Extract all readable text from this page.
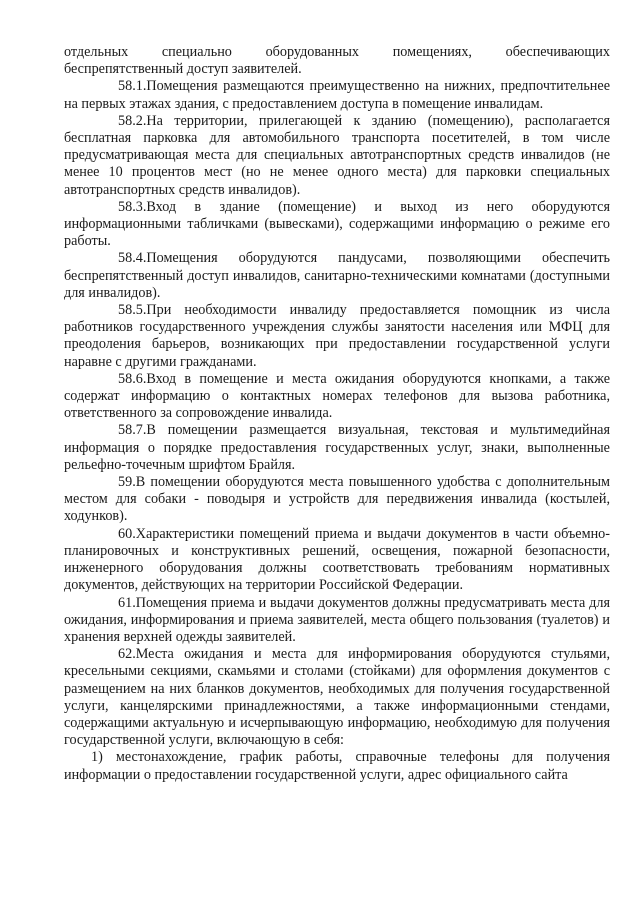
отдельных специально оборудованных помещениях, обеспечивающих беспрепятственный доступ заявителей.

58.1.Помещения размещаются преимущественно на нижних, предпочтительнее на первых этажах здания, с предоставлением доступа в помещение инвалидам.

58.2.На территории, прилегающей к зданию (помещению), располагается бесплатная парковка для автомобильного транспорта посетителей, в том числе предусматривающая места для специальных автотранспортных средств инвалидов (не менее 10 процентов мест (но не менее одного места) для парковки специальных автотранспортных средств инвалидов).

58.3.Вход в здание (помещение) и выход из него оборудуются информационными табличками (вывесками), содержащими информацию о режиме его работы.

58.4.Помещения оборудуются пандусами, позволяющими обеспечить беспрепятственный доступ инвалидов, санитарно-техническими комнатами (доступными для инвалидов).

58.5.При необходимости инвалиду предоставляется помощник из числа работников государственного учреждения службы занятости населения или МФЦ для преодоления барьеров, возникающих при предоставлении государственной услуги наравне с другими гражданами.

58.6.Вход в помещение и места ожидания оборудуются кнопками, а также содержат информацию о контактных номерах телефонов для вызова работника, ответственного за сопровождение инвалида.

58.7.В помещении размещается визуальная, текстовая и мультимедийная информация о порядке предоставления государственных услуг, знаки, выполненные рельефно-точечным шрифтом Брайля.

59.В помещении оборудуются места повышенного удобства с дополнительным местом для собаки - поводыря и устройств для передвижения инвалида (костылей, ходунков).

60.Характеристики помещений приема и выдачи документов в части объемно-планировочных и конструктивных решений, освещения, пожарной безопасности, инженерного оборудования должны соответствовать требованиям нормативных документов, действующих на территории Российской Федерации.

61.Помещения приема и выдачи документов должны предусматривать места для ожидания, информирования и приема заявителей, места общего пользования (туалетов) и хранения верхней одежды заявителей.

62.Места ожидания и места для информирования оборудуются стульями, кресельными секциями, скамьями и столами (стойками) для оформления документов с размещением на них бланков документов, необходимых для получения государственной услуги, канцелярскими принадлежностями, а также информационными стендами, содержащими актуальную и исчерпывающую информацию, необходимую для получения государственной услуги, включающую в себя:

1) местонахождение, график работы, справочные телефоны для получения информации о предоставлении государственной услуги, адрес официального сайта
